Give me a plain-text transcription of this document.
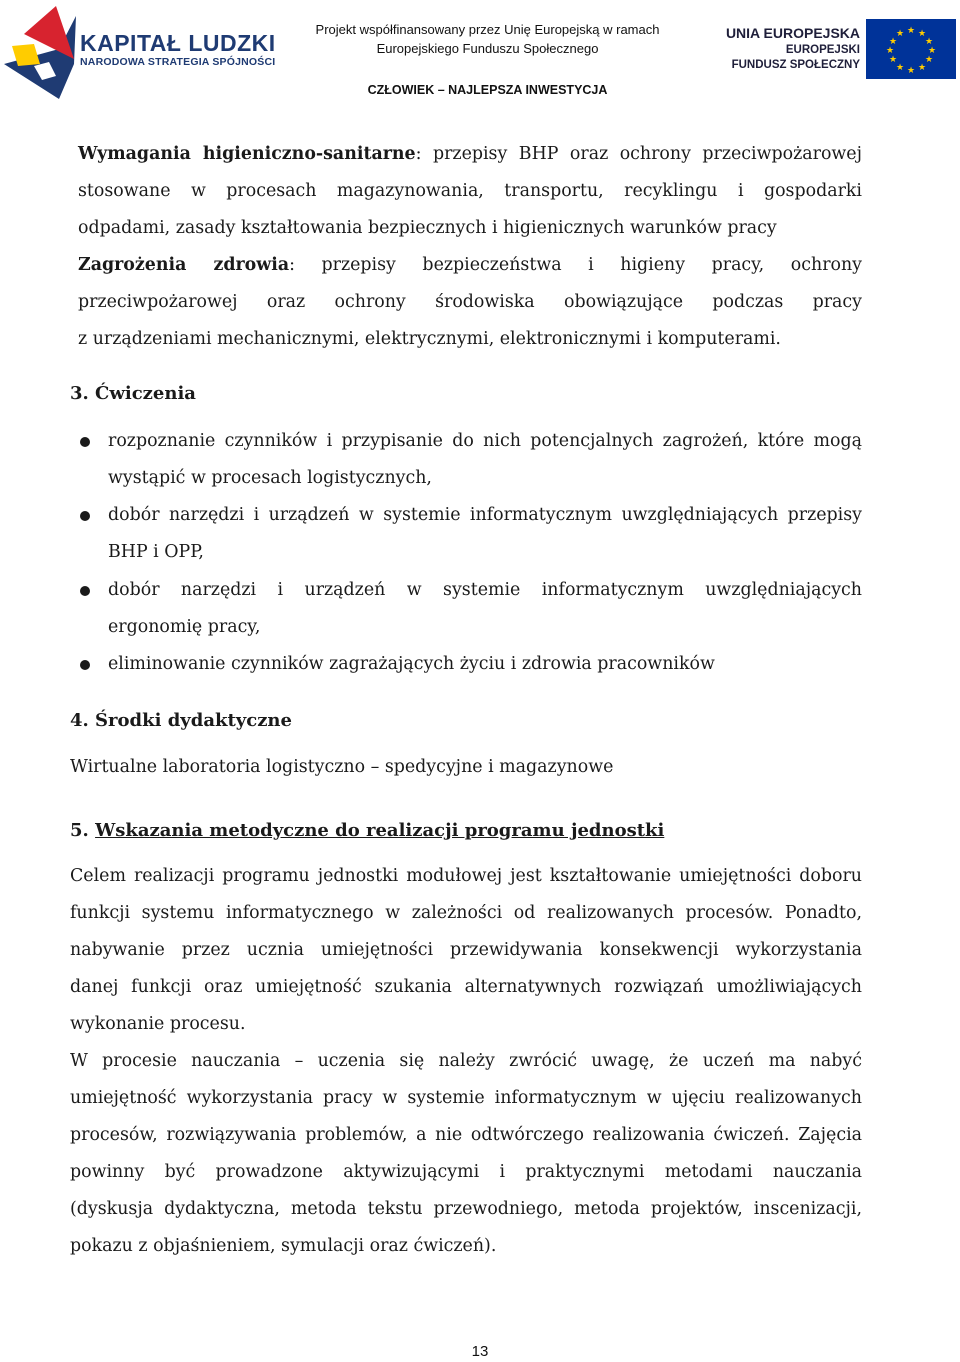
KAPITAŁ LUDZKI
NARODOWA STRATEGIA SPÓJNOŚCI
Projekt współfinansowany przez Unię Europejską w ramach
Europejskiego Funduszu Społecznego
CZŁOWIEK – NAJLEPSZA INWESTYCJA
UNIA EUROPEJSKA
EUROPEJSKI
FUNDUSZ SPOŁECZNY
★ ★
★
★
★
★
★
★
★
★
★
★
Wymagania higieniczno-sanitarne: przepisy BHP oraz ochrony przeciwpożarowej
stosowane w procesach magazynowania, transportu, recyklingu i gospodarki
odpadami, zasady kształtowania bezpiecznych i higienicznych warunków pracy
Zagrożenia zdrowia: przepisy bezpieczeństwa i higieny pracy, ochrony
przeciwpożarowej oraz ochrony środowiska obowiązujące podczas pracy
z urządzeniami mechanicznymi, elektrycznymi, elektronicznymi i komputerami.
3. Ćwiczenia
rozpoznanie czynników i przypisanie do nich potencjalnych zagrożeń, które mogą
wystąpić w procesach logistycznych,
dobór narzędzi i urządzeń w systemie informatycznym uwzględniających przepisy
BHP i OPP,
dobór narzędzi i urządzeń w systemie informatycznym uwzględniających
ergonomię pracy,
eliminowanie czynników zagrażających życiu i zdrowia pracowników
4. Środki dydaktyczne
Wirtualne laboratoria logistyczno – spedycyjne i magazynowe
5. Wskazania metodyczne do realizacji programu jednostki
Celem realizacji programu jednostki modułowej jest kształtowanie umiejętności doboru
funkcji systemu informatycznego w zależności od realizowanych procesów. Ponadto,
nabywanie przez ucznia umiejętności przewidywania konsekwencji wykorzystania
danej funkcji oraz umiejętność szukania alternatywnych rozwiązań umożliwiających
wykonanie procesu.
W procesie nauczania – uczenia się należy zwrócić uwagę, że uczeń ma nabyć
umiejętność wykorzystania pracy w systemie informatycznym w ujęciu realizowanych
procesów, rozwiązywania problemów, a nie odtwórczego realizowania ćwiczeń. Zajęcia
powinny być prowadzone aktywizującymi i praktycznymi metodami nauczania
(dyskusja dydaktyczna, metoda tekstu przewodniego, metoda projektów, inscenizacji,
pokazu z objaśnieniem, symulacji oraz ćwiczeń).
13
